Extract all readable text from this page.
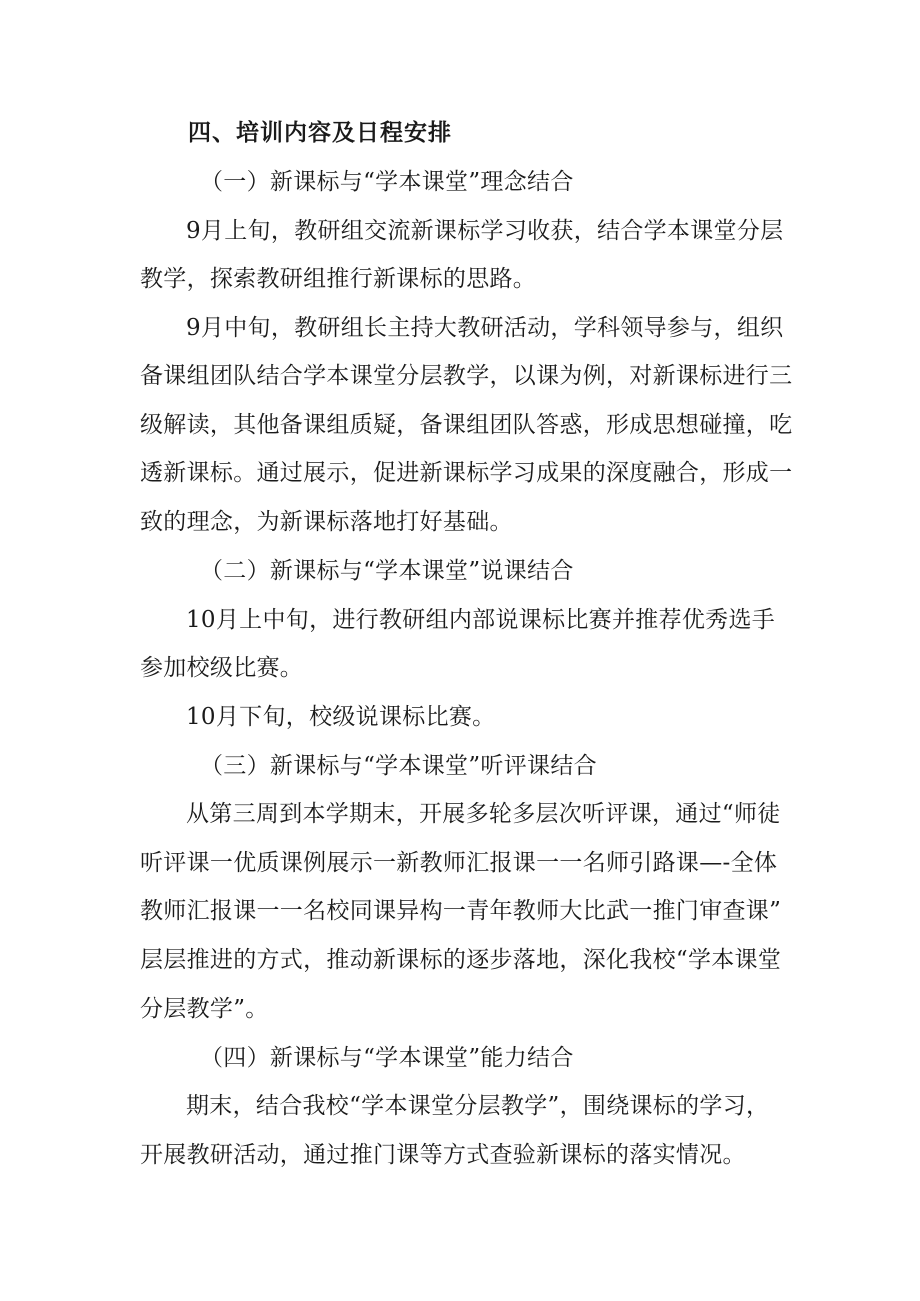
四、培训内容及日程安排
（一）新课标与“学本课堂”理念结合
9月上旬，教研组交流新课标学习收获，结合学本课堂分层
教学，探索教研组推行新课标的思路。
9月中旬，教研组长主持大教研活动，学科领导参与，组织
备课组团队结合学本课堂分层教学，以课为例，对新课标进行三
级解读，其他备课组质疑，备课组团队答惑，形成思想碰撞，吃
透新课标。通过展示，促进新课标学习成果的深度融合，形成一
致的理念，为新课标落地打好基础。
（二）新课标与“学本课堂”说课结合
10月上中旬，进行教研组内部说课标比赛并推荐优秀选手
参加校级比赛。
10月下旬，校级说课标比赛。
（三）新课标与“学本课堂”听评课结合
从第三周到本学期末，开展多轮多层次听评课，通过“师徒
听评课一优质课例展示一新教师汇报课一一名师引路课—-全体
教师汇报课一一名校同课异构一青年教师大比武一推门审查课”
层层推进的方式，推动新课标的逐步落地，深化我校“学本课堂
分层教学”。
（四）新课标与“学本课堂”能力结合
期末，结合我校“学本课堂分层教学”，围绕课标的学习，
开展教研活动，通过推门课等方式查验新课标的落实情况。
